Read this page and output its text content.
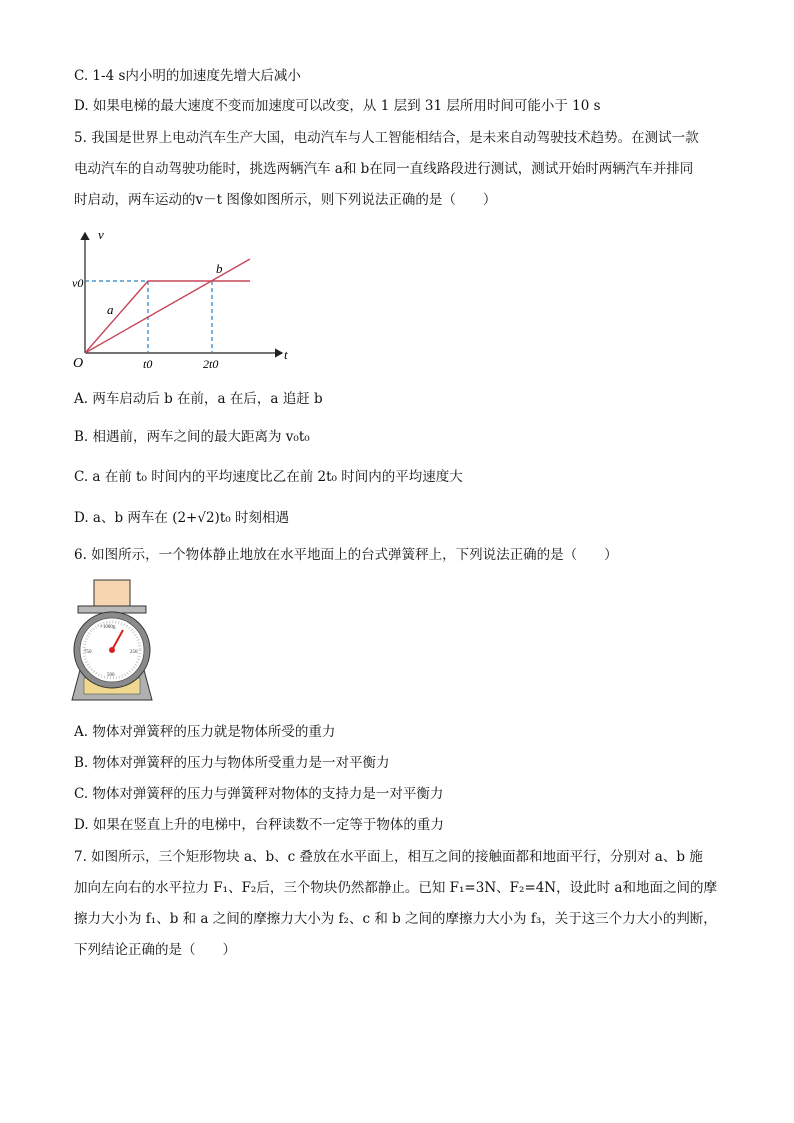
C. 1-4 s内小明的加速度先增大后减小
D. 如果电梯的最大速度不变而加速度可以改变，从 1 层到 31 层所用时间可能小于 10 s
5. 我国是世界上电动汽车生产大国，电动汽车与人工智能相结合，是未来自动驾驶技术趋势。在测试一款
电动汽车的自动驾驶功能时，挑选两辆汽车 a和 b在同一直线路段进行测试，测试开始时两辆汽车并排同
时启动，两车运动的v－t 图像如图所示，则下列说法正确的是（　　）
v
t
O
v0
t0	2t0
a
b
A. 两车启动后 b 在前，a 在后，a 追赶 b
B. 相遇前，两车之间的最大距离为 v₀t₀
C. a 在前 t₀ 时间内的平均速度比乙在前 2t₀ 时间内的平均速度大
D. a、b 两车在 (2+√2)t₀ 时刻相遇
6. 如图所示，一个物体静止地放在水平地面上的台式弹簧秤上，下列说法正确的是（　　）
×1000g
750	250
500
A. 物体对弹簧秤的压力就是物体所受的重力
B. 物体对弹簧秤的压力与物体所受重力是一对平衡力
C. 物体对弹簧秤的压力与弹簧秤对物体的支持力是一对平衡力
D. 如果在竖直上升的电梯中，台秤读数不一定等于物体的重力
7. 如图所示，三个矩形物块 a、b、c 叠放在水平面上，相互之间的接触面都和地面平行，分别对 a、b 施
加向左向右的水平拉力 F₁、F₂后，三个物块仍然都静止。已知 F₁=3N、F₂=4N，设此时 a和地面之间的摩
擦力大小为 f₁、b 和 a 之间的摩擦力大小为 f₂、c 和 b 之间的摩擦力大小为 f₃，关于这三个力大小的判断，
下列结论正确的是（　　）
